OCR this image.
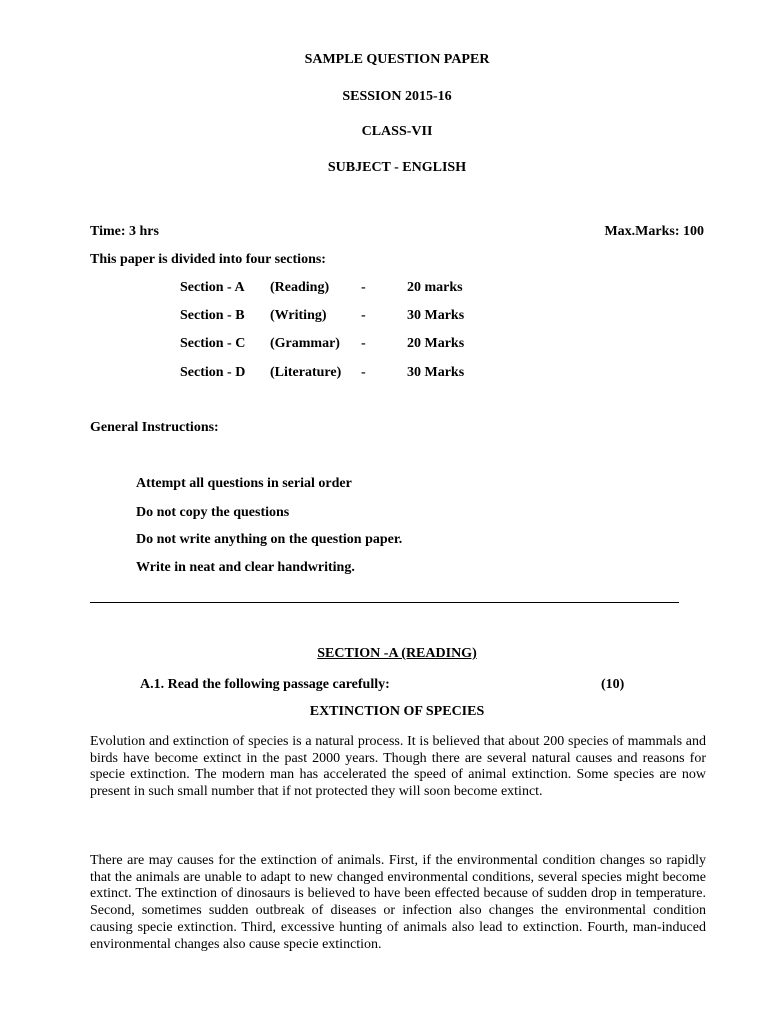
SAMPLE QUESTION PAPER
SESSION 2015-16
CLASS-VII
SUBJECT - ENGLISH
Time: 3 hrs	Max.Marks: 100
This paper is divided into four sections:
Section - A (Reading) -	20 marks
Section - B (Writing) -	30 Marks
Section - C (Grammar) -	20 Marks
Section - D (Literature) -	30 Marks
General Instructions:
Attempt all questions in serial order
Do not copy the questions
Do not write anything on the question paper.
Write in neat and clear handwriting.
SECTION -A (READING)
A.1. Read the following passage carefully:	(10)
EXTINCTION OF SPECIES
Evolution and extinction of species is a natural process. It is believed that about 200 species of mammals and birds have become extinct in the past 2000 years. Though there are several natural causes and reasons for specie extinction. The modern man has accelerated the speed of animal extinction. Some species are now present in such small number that if not protected they will soon become extinct.
There are may causes for the extinction of animals. First, if the environmental condition changes so rapidly that the animals are unable to adapt to new changed environmental conditions, several species might become extinct. The extinction of dinosaurs is believed to have been effected because of sudden drop in temperature. Second, sometimes sudden outbreak of diseases or infection also changes the environmental condition causing specie extinction. Third, excessive hunting of animals also lead to extinction. Fourth, man-induced environmental changes also cause specie extinction.
